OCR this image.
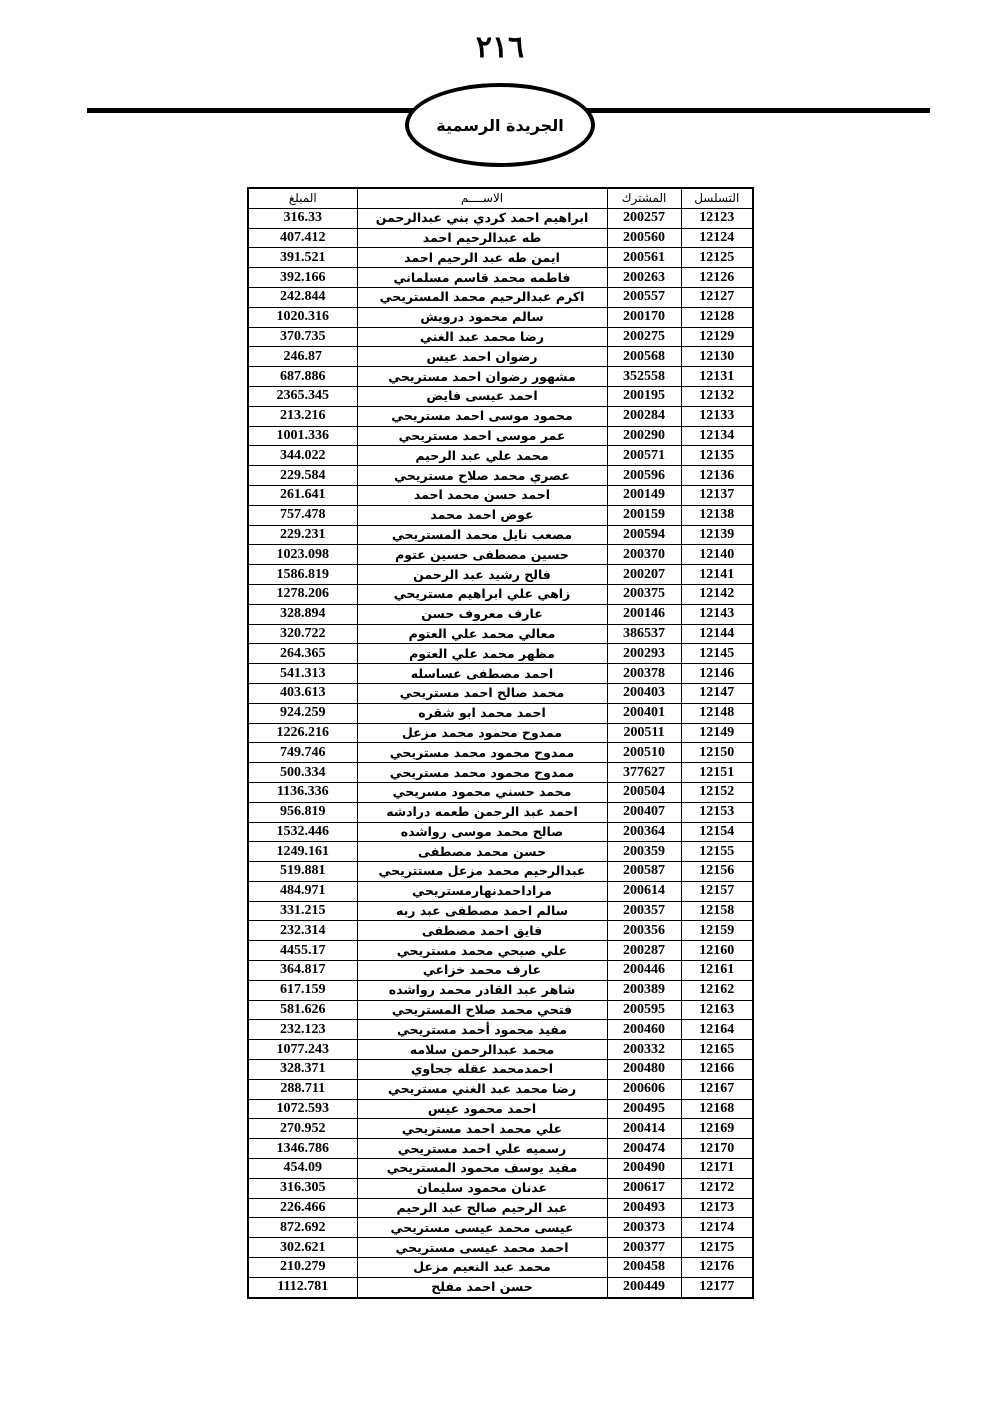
٢١٦
الجريدة الرسمية
التسلسل	المشترك	الاســــم	المبلغ
12123	200257	ابراهيم احمد كردي بني عبدالرحمن	316.33
12124	200560	طه عبدالرحيم احمد	407.412
12125	200561	ايمن طه عبد الرحيم احمد	391.521
12126	200263	فاطمه محمد قاسم مسلماني	392.166
12127	200557	اكرم عبدالرحيم محمد المستريحي	242.844
12128	200170	سالم محمود درويش	1020.316
12129	200275	رضا محمد عبد الغني	370.735
12130	200568	رضوان احمد عيس	246.87
12131	352558	مشهور رضوان احمد مستريحي	687.886
12132	200195	احمد عيسى فايض	2365.345
12133	200284	محمود موسى احمد مستريحي	213.216
12134	200290	عمر موسى احمد مستريحي	1001.336
12135	200571	محمد علي عبد الرحيم	344.022
12136	200596	عصري محمد صلاح مستريحي	229.584
12137	200149	احمد حسن محمد احمد	261.641
12138	200159	عوض احمد محمد	757.478
12139	200594	مصعب نايل محمد المستريحي	229.231
12140	200370	حسين مصطفى حسين عتوم	1023.098
12141	200207	فالح رشيد عبد الرحمن	1586.819
12142	200375	زاهي علي ابراهيم مستريحي	1278.206
12143	200146	عارف معروف حسن	328.894
12144	386537	معالي محمد علي العتوم	320.722
12145	200293	مظهر محمد علي العتوم	264.365
12146	200378	احمد مصطفى عساسله	541.313
12147	200403	محمد صالح احمد مستريحي	403.613
12148	200401	احمد محمد ابو شقره	924.259
12149	200511	ممدوح محمود محمد مزعل	1226.216
12150	200510	ممدوح محمود محمد مستريحي	749.746
12151	377627	ممدوح محمود محمد مستريحي	500.334
12152	200504	محمد حسني محمود مسريحي	1136.336
12153	200407	احمد عبد الرحمن طعمه درادشه	956.819
12154	200364	صالح محمد موسى رواشده	1532.446
12155	200359	حسن محمد مصطفى	1249.161
12156	200587	عبدالرحيم محمد مزعل مستتريحي	519.881
12157	200614	مراداحمدنهارمستريحي	484.971
12158	200357	سالم احمد مصطفى عبد ربه	331.215
12159	200356	فايق احمد مصطفى	232.314
12160	200287	علي صبحي محمد مستريحي	4455.17
12161	200446	عارف محمد خزاعي	364.817
12162	200389	شاهر عبد القادر محمد رواشده	617.159
12163	200595	فتحي محمد صلاح المستريحي	581.626
12164	200460	مفيد محمود أحمد مستريحي	232.123
12165	200332	محمد عبدالرحمن سلامه	1077.243
12166	200480	احمدمحمد عقله جحاوي	328.371
12167	200606	رضا محمد عبد الغني مستريحي	288.711
12168	200495	احمد محمود عيس	1072.593
12169	200414	علي محمد احمد مستريحي	270.952
12170	200474	رسميه علي احمد مستريحي	1346.786
12171	200490	مفيد يوسف محمود المستريحي	454.09
12172	200617	عدنان محمود سليمان	316.305
12173	200493	عبد الرحيم صالح عبد الرحيم	226.466
12174	200373	عيسى محمد عيسى مستريحي	872.692
12175	200377	احمد محمد عيسى مستريحي	302.621
12176	200458	محمد عبد النعيم مزعل	210.279
12177	200449	حسن احمد مفلح	1112.781
